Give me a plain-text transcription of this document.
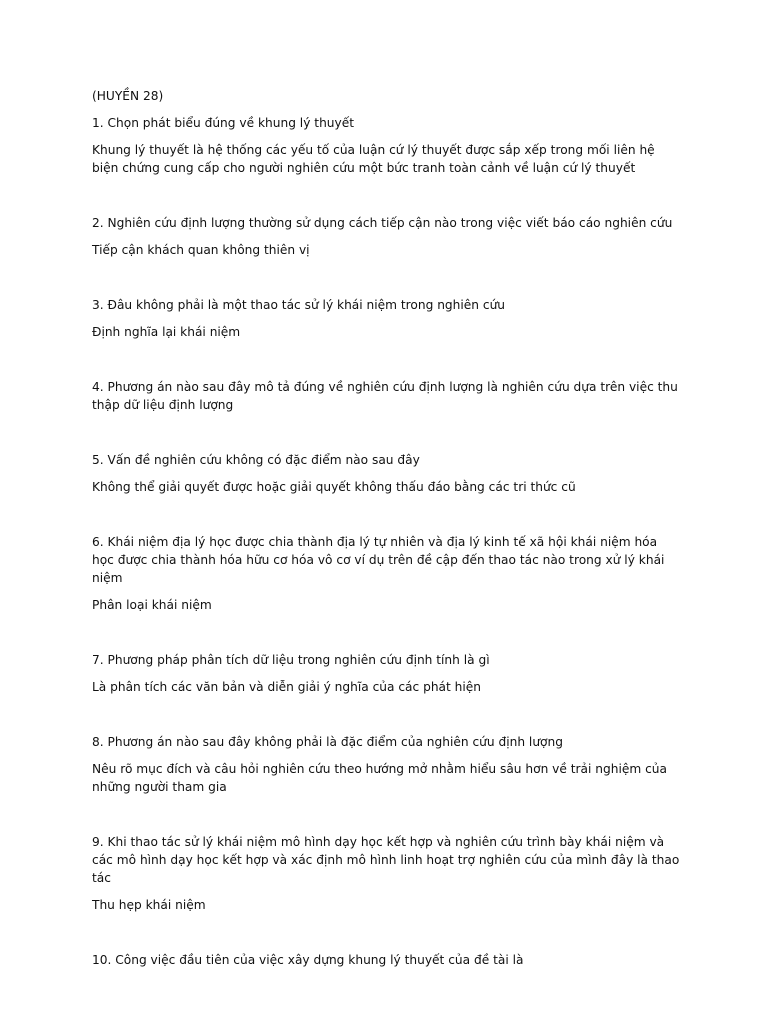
(HUYỀN 28)

1. Chọn phát biểu đúng về khung lý thuyết

Khung lý thuyết là hệ thống các yếu tố của luận cứ lý thuyết được sắp xếp trong mối liên hệ biện chứng cung cấp cho người nghiên cứu một bức tranh toàn cảnh về luận cứ lý thuyết

2. Nghiên cứu định lượng thường sử dụng cách tiếp cận nào trong việc viết báo cáo nghiên cứu

Tiếp cận khách quan không thiên vị

3. Đâu không phải là một thao tác sử lý khái niệm trong nghiên cứu

Định nghĩa lại khái niệm

4. Phương án nào sau đây mô tả đúng về nghiên cứu định lượng là nghiên cứu dựa trên việc thu thập dữ liệu định lượng

5. Vấn đề nghiên cứu không có đặc điểm nào sau đây

Không thể giải quyết được hoặc giải quyết không thấu đáo bằng các tri thức cũ

6. Khái niệm địa lý học được chia thành địa lý tự nhiên và địa lý kinh tế xã hội khái niệm hóa học được chia thành hóa hữu cơ hóa vô cơ ví dụ trên đề cập đến thao tác nào trong xử lý khái niệm

Phân loại khái niệm

7. Phương pháp phân tích dữ liệu trong nghiên cứu định tính là gì

Là phân tích các văn bản và diễn giải ý nghĩa của các phát hiện

8. Phương án nào sau đây không phải là đặc điểm của nghiên cứu định lượng

Nêu rõ mục đích và câu hỏi nghiên cứu theo hướng mở nhằm hiểu sâu hơn về trải nghiệm của những người tham gia

9. Khi thao tác sử lý khái niệm mô hình dạy học kết hợp và nghiên cứu trình bày khái niệm và các mô hình dạy học kết hợp và xác định mô hình linh hoạt trợ nghiên cứu của mình đây là thao tác

Thu hẹp khái niệm

10. Công việc đầu tiên của việc xây dựng khung lý thuyết của đề tài là
